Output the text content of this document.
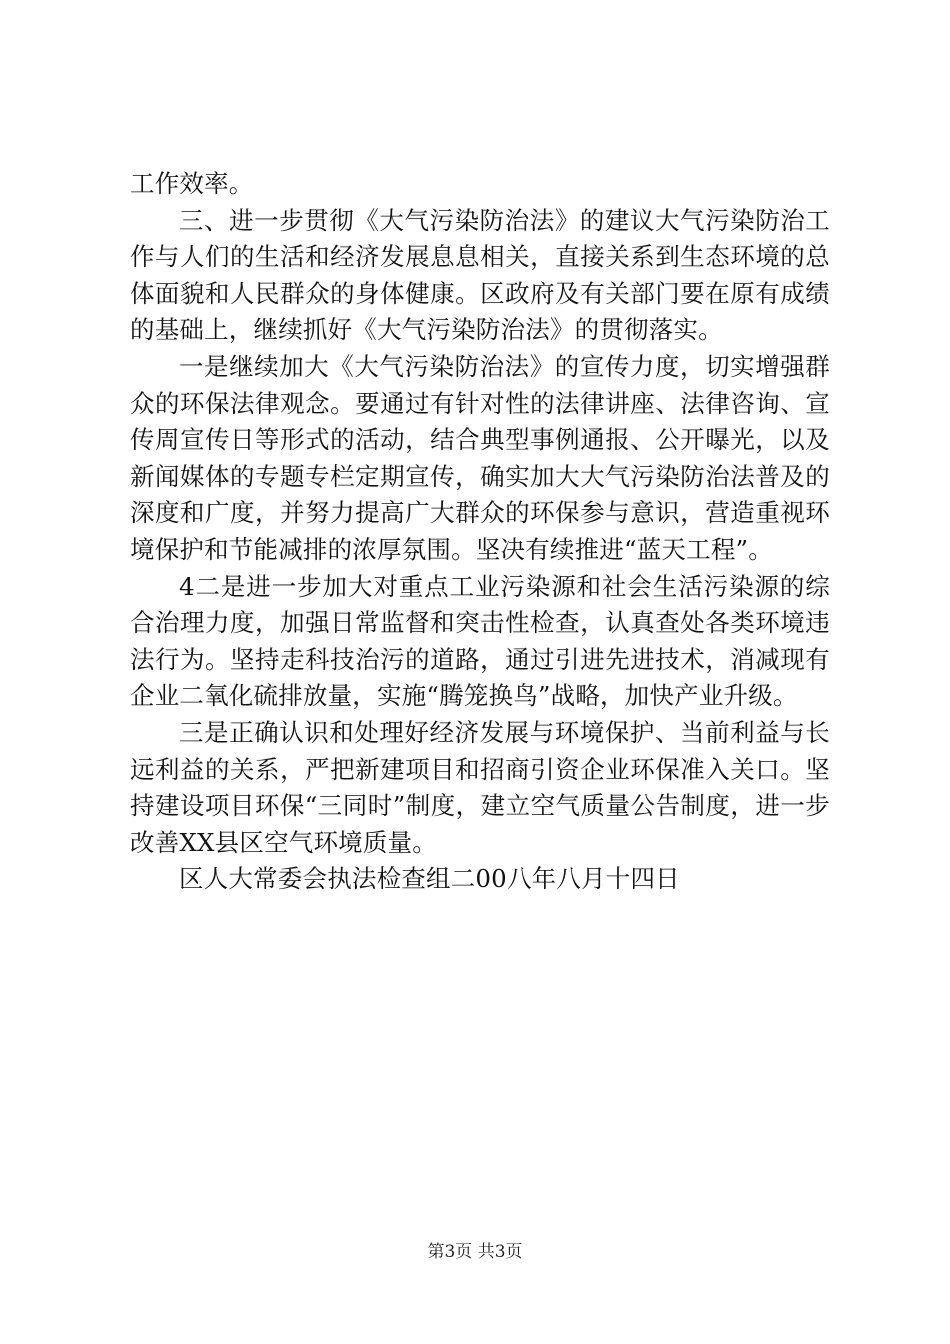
工作效率。

三、进一步贯彻《大气污染防治法》的建议大气污染防治工作与人们的生活和经济发展息息相关，直接关系到生态环境的总体面貌和人民群众的身体健康。区政府及有关部门要在原有成绩的基础上，继续抓好《大气污染防治法》的贯彻落实。

一是继续加大《大气污染防治法》的宣传力度，切实增强群众的环保法律观念。要通过有针对性的法律讲座、法律咨询、宣传周宣传日等形式的活动，结合典型事例通报、公开曝光，以及新闻媒体的专题专栏定期宣传，确实加大大气污染防治法普及的深度和广度，并努力提高广大群众的环保参与意识，营造重视环境保护和节能减排的浓厚氛围。坚决有续推进“蓝天工程”。

4二是进一步加大对重点工业污染源和社会生活污染源的综合治理力度，加强日常监督和突击性检查，认真查处各类环境违法行为。坚持走科技治污的道路，通过引进先进技术，消减现有企业二氧化硫排放量，实施“腾笼换鸟”战略，加快产业升级。

三是正确认识和处理好经济发展与环境保护、当前利益与长远利益的关系，严把新建项目和招商引资企业环保准入关口。坚持建设项目环保“三同时”制度，建立空气质量公告制度，进一步改善XX县区空气环境质量。

区人大常委会执法检查组二00八年八月十四日

第3页 共3页
